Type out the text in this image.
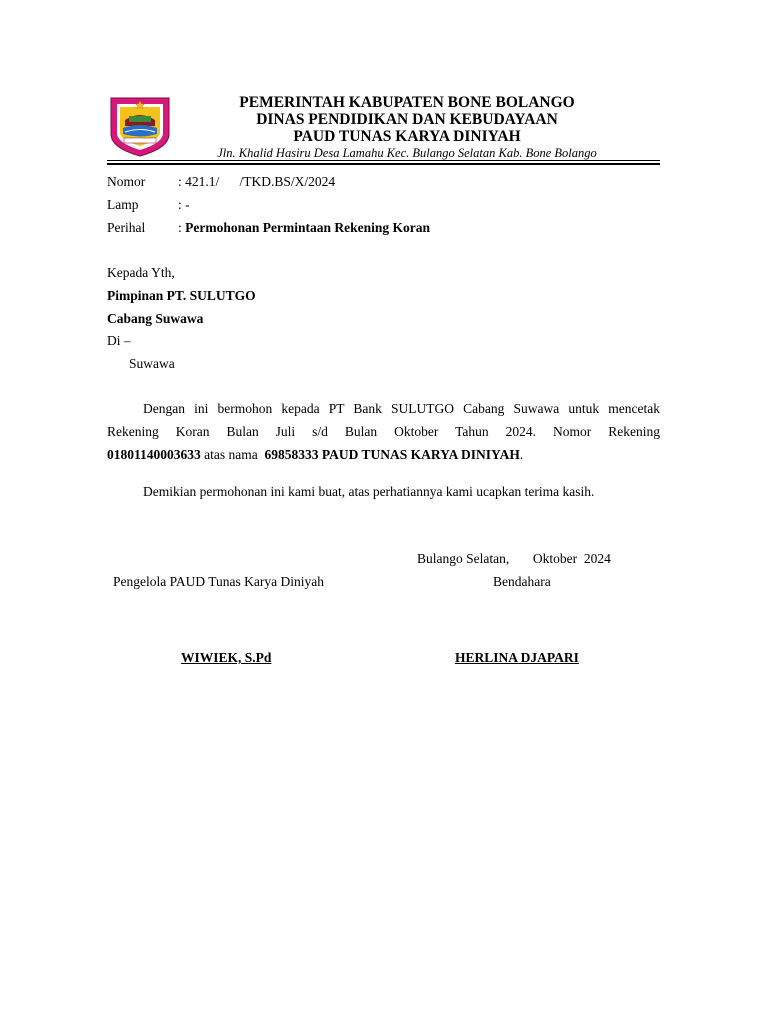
PEMERINTAH KABUPATEN BONE BOLANGO
DINAS PENDIDIKAN DAN KEBUDAYAAN
PAUD TUNAS KARYA DINIYAH
Jln. Khalid Hasiru Desa Lamahu Kec. Bulango Selatan Kab. Bone Bolango
Nomor : 421.1/      /TKD.BS/X/2024
Lamp	: -
Perihal : Permohonan Permintaan Rekening Koran
Kepada Yth,
Pimpinan PT. SULUTGO
Cabang Suwawa
Di –
Suwawa
Dengan ini bermohon kepada PT Bank SULUTGO Cabang Suwawa untuk mencetak
Rekening Koran Bulan Juli s/d Bulan Oktober Tahun 2024. Nomor Rekening
01801140003633 atas nama  69858333 PAUD TUNAS KARYA DINIYAH.
Demikian permohonan ini kami buat, atas perhatiannya kami ucapkan terima kasih.
Bulango Selatan,       Oktober  2024
Pengelola PAUD Tunas Karya Diniyah	Bendahara
WIWIEK, S.Pd	HERLINA DJAPARI
